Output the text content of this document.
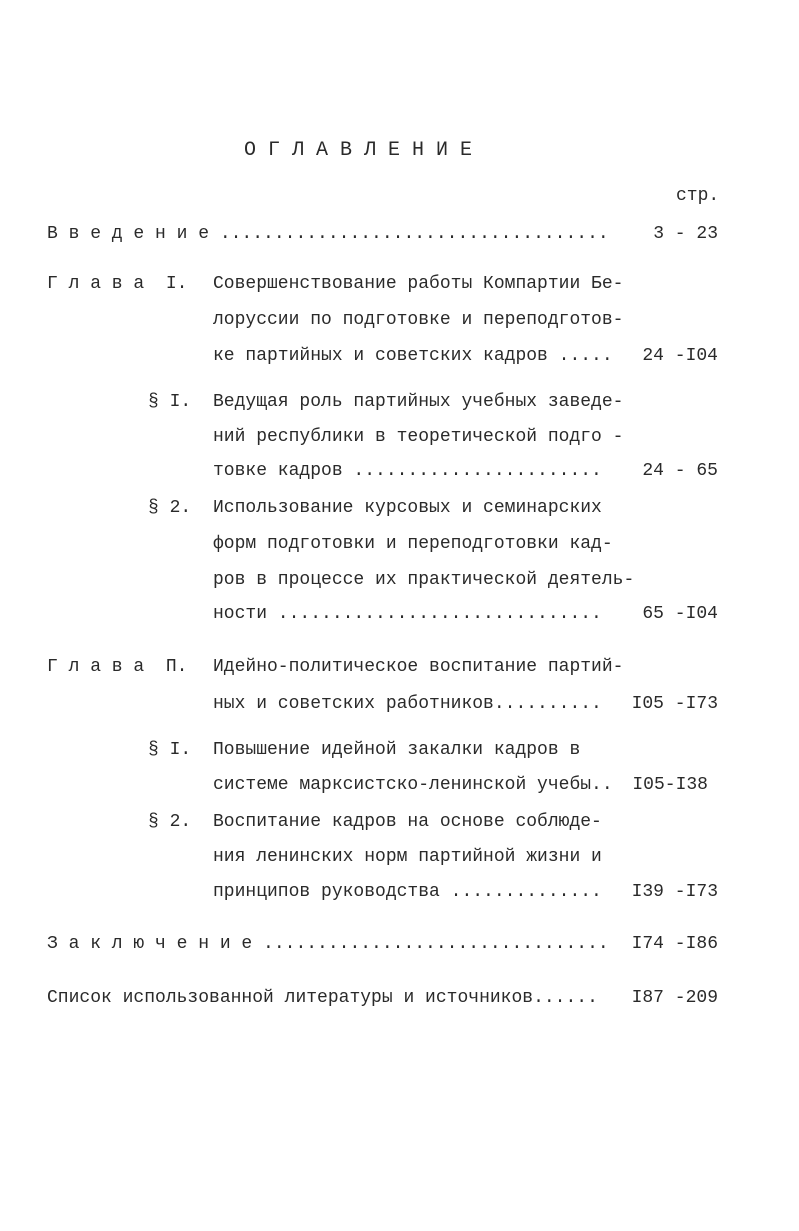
О Г Л А В Л Е Н И Е
стр.
В в е д е н и е ....................................	3 - 23
Г л а в а  I. Совершенствование работы Компартии Бе-
лоруссии по подготовке и переподготов-
ке партийных и советских кадров .....	24 -I04
§ I. Ведущая роль партийных учебных заведе-
ний республики в теоретической подго -
товке кадров .......................	24 - 65
§ 2. Использование курсовых и семинарских
форм подготовки и переподготовки кад-
ров в процессе их практической деятель-
ности ..............................	65 -I04
Г л а в а  П. Идейно-политическое воспитание партий-
ных и советских работников..........	I05 -I73
§ I. Повышение идейной закалки кадров в
системе марксистско-ленинской учебы..	I05-I38
§ 2. Воспитание кадров на основе соблюде-
ния ленинских норм партийной жизни и
принципов руководства ..............	I39 -I73
З а к л ю ч е н и е ................................	I74 -I86
Список использованной литературы и источников......	I87 -209
